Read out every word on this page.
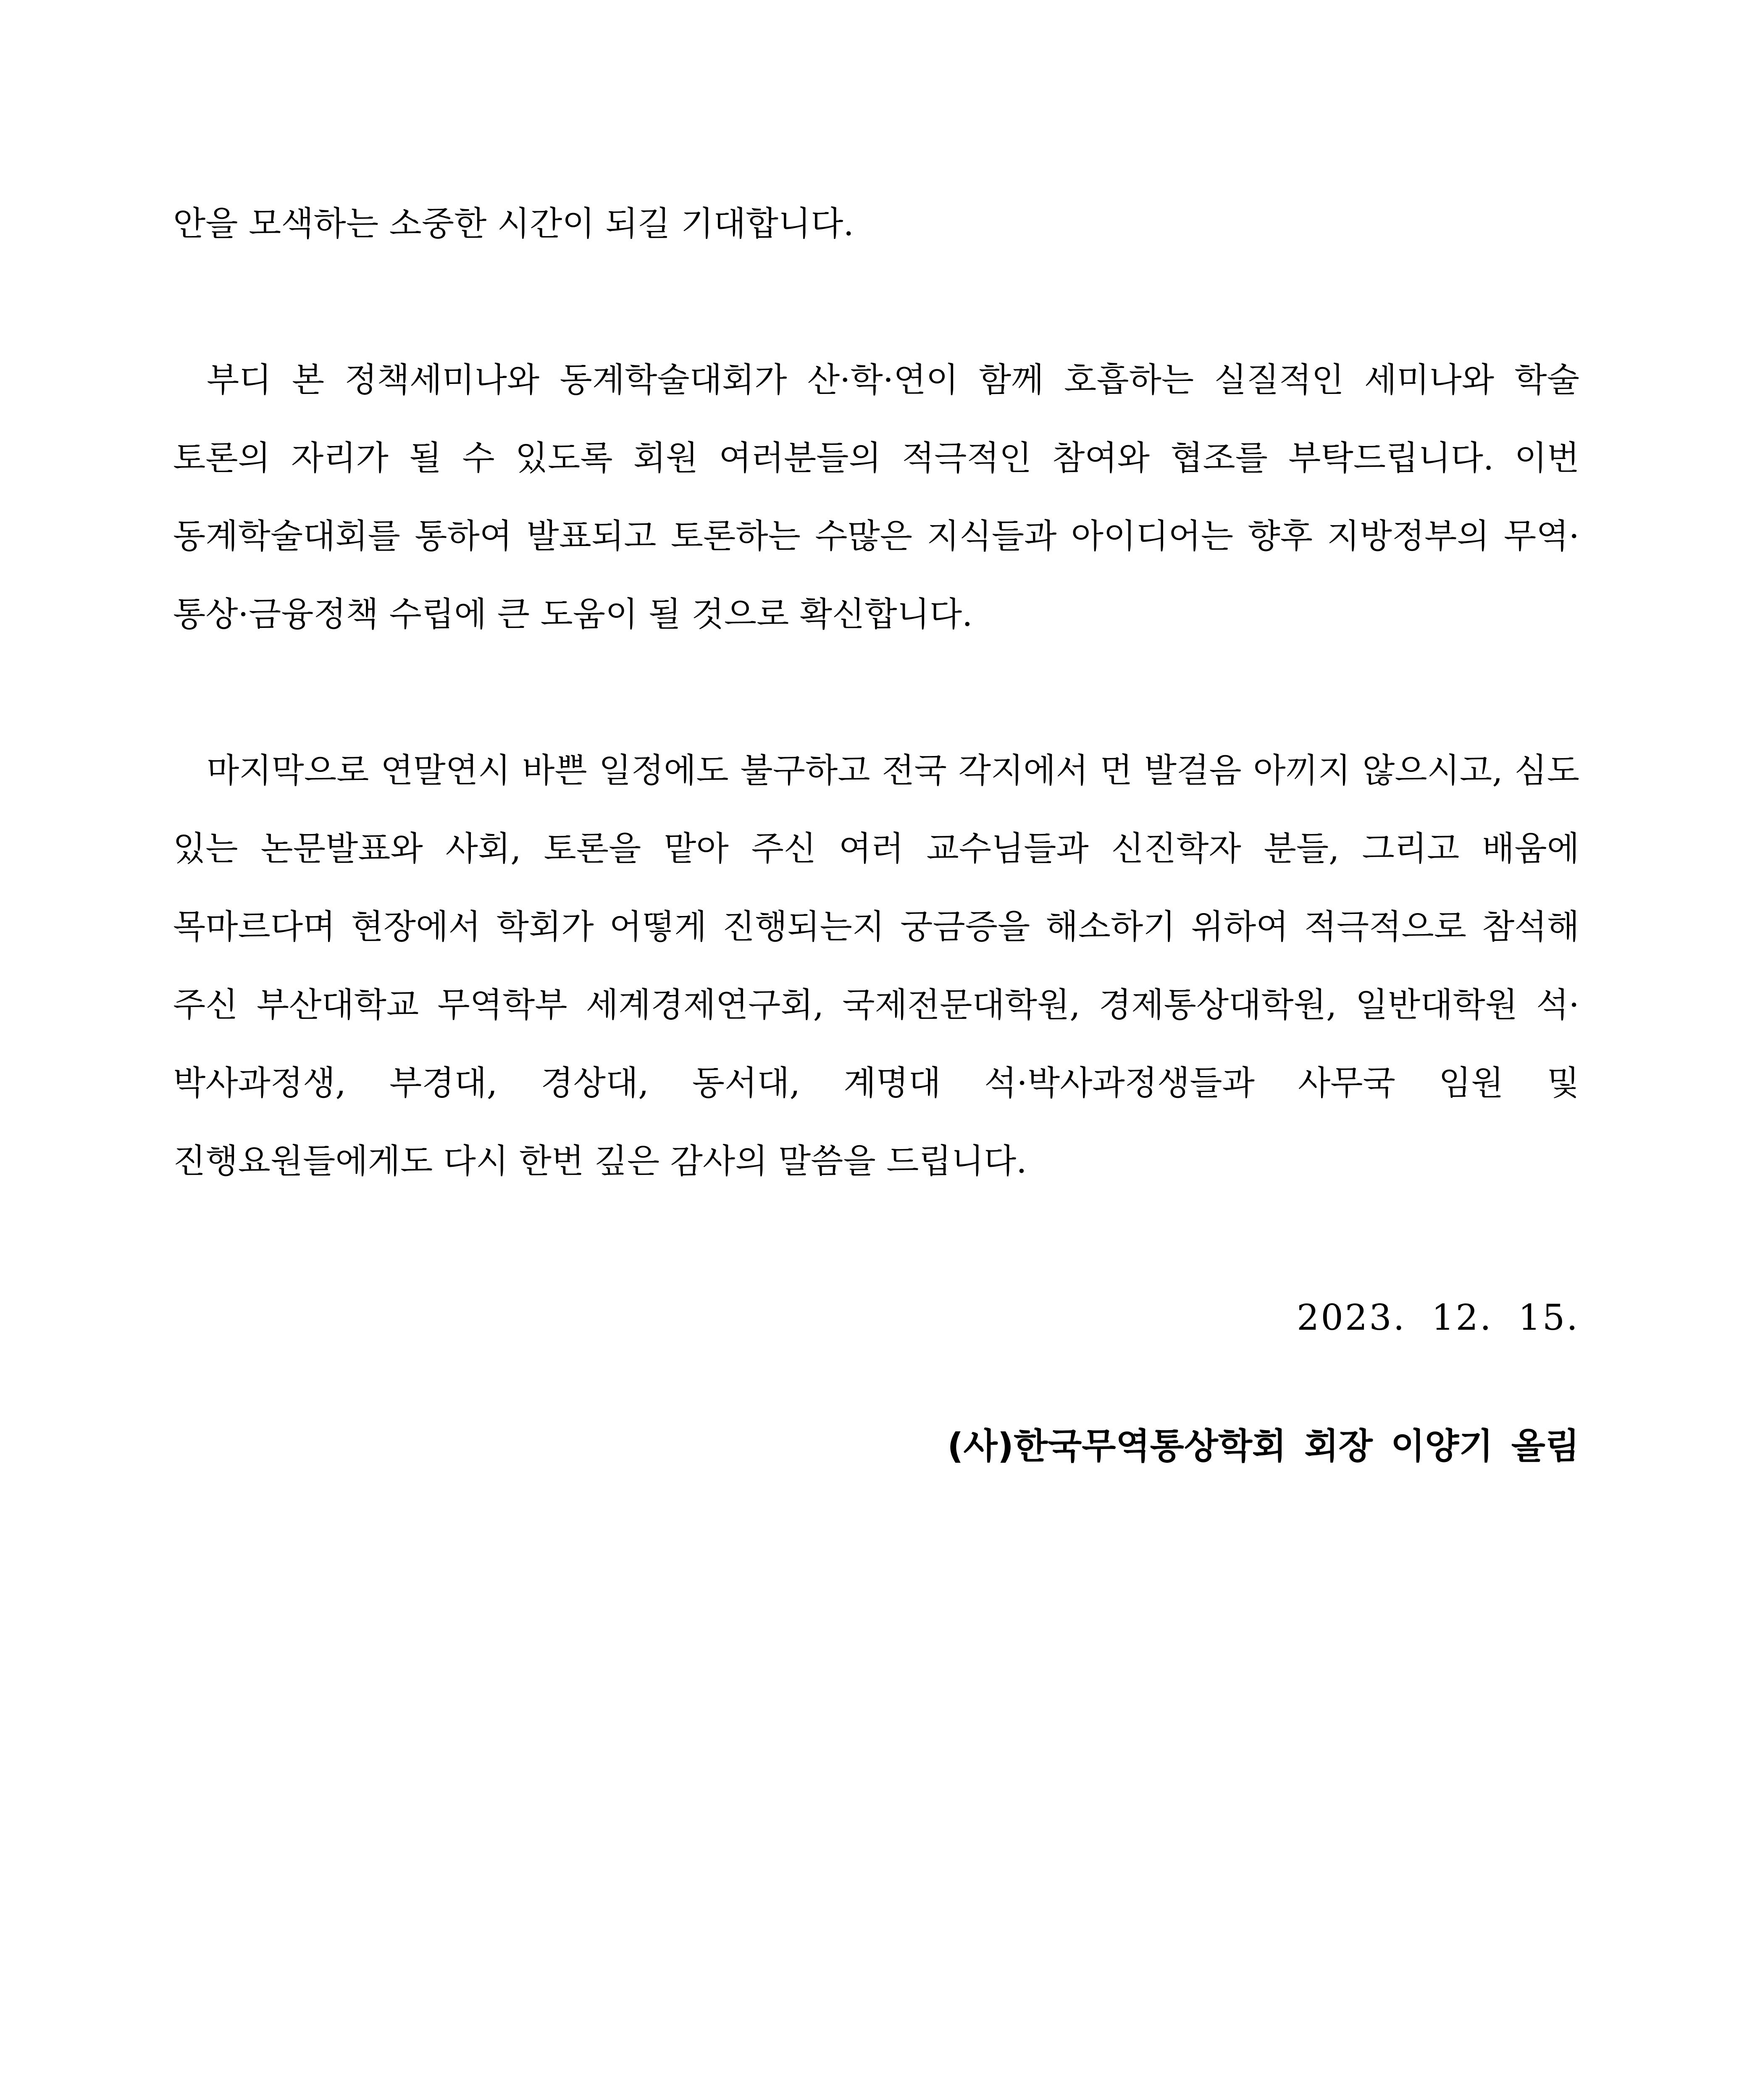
안을 모색하는 소중한 시간이 되길 기대합니다.

부디 본 정책세미나와 동계학술대회가 산·학·연이 함께 호흡하는 실질적인 세미나와 학술 토론의 자리가 될 수 있도록 회원 여러분들의 적극적인 참여와 협조를 부탁드립니다. 이번 동계학술대회를 통하여 발표되고 토론하는 수많은 지식들과 아이디어는 향후 지방정부의 무역·통상·금융정책 수립에 큰 도움이 될 것으로 확신합니다.

마지막으로 연말연시 바쁜 일정에도 불구하고 전국 각지에서 먼 발걸음 아끼지 않으시고, 심도 있는 논문발표와 사회, 토론을 맡아 주신 여러 교수님들과 신진학자 분들, 그리고 배움에 목마르다며 현장에서 학회가 어떻게 진행되는지 궁금증을 해소하기 위하여 적극적으로 참석해 주신 부산대학교 무역학부 세계경제연구회, 국제전문대학원, 경제통상대학원, 일반대학원 석·박사과정생, 부경대, 경상대, 동서대, 계명대 석·박사과정생들과 사무국 임원 및 진행요원들에게도 다시 한번 깊은 감사의 말씀을 드립니다.

2023. 12. 15.

(사)한국무역통상학회 회장 이양기 올림
